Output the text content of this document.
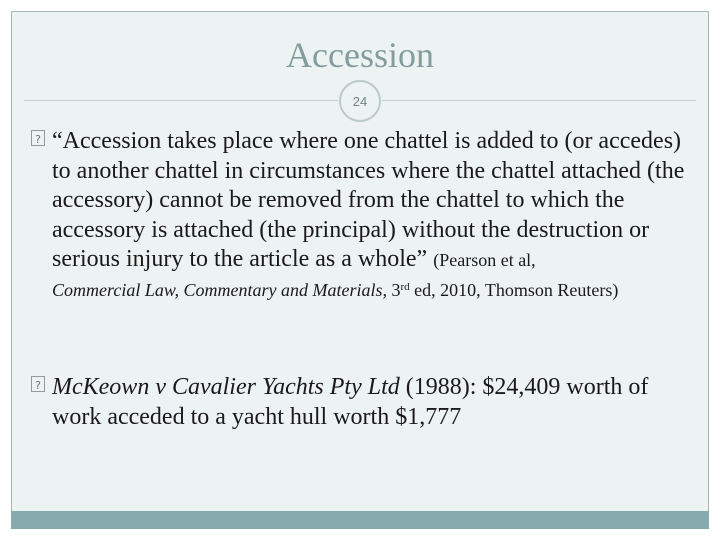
Accession
24
? “Accession takes place where one chattel is added to (or accedes) to another chattel in circumstances where the chattel attached (the accessory) cannot be removed from the chattel to which the accessory is attached (the principal) without the destruction or serious injury to the article as a whole” (Pearson et al,
Commercial Law, Commentary and Materials, 3rd ed, 2010, Thomson Reuters)
? McKeown v Cavalier Yachts Pty Ltd (1988): $24,409 worth of work acceded to a yacht hull worth $1,777
